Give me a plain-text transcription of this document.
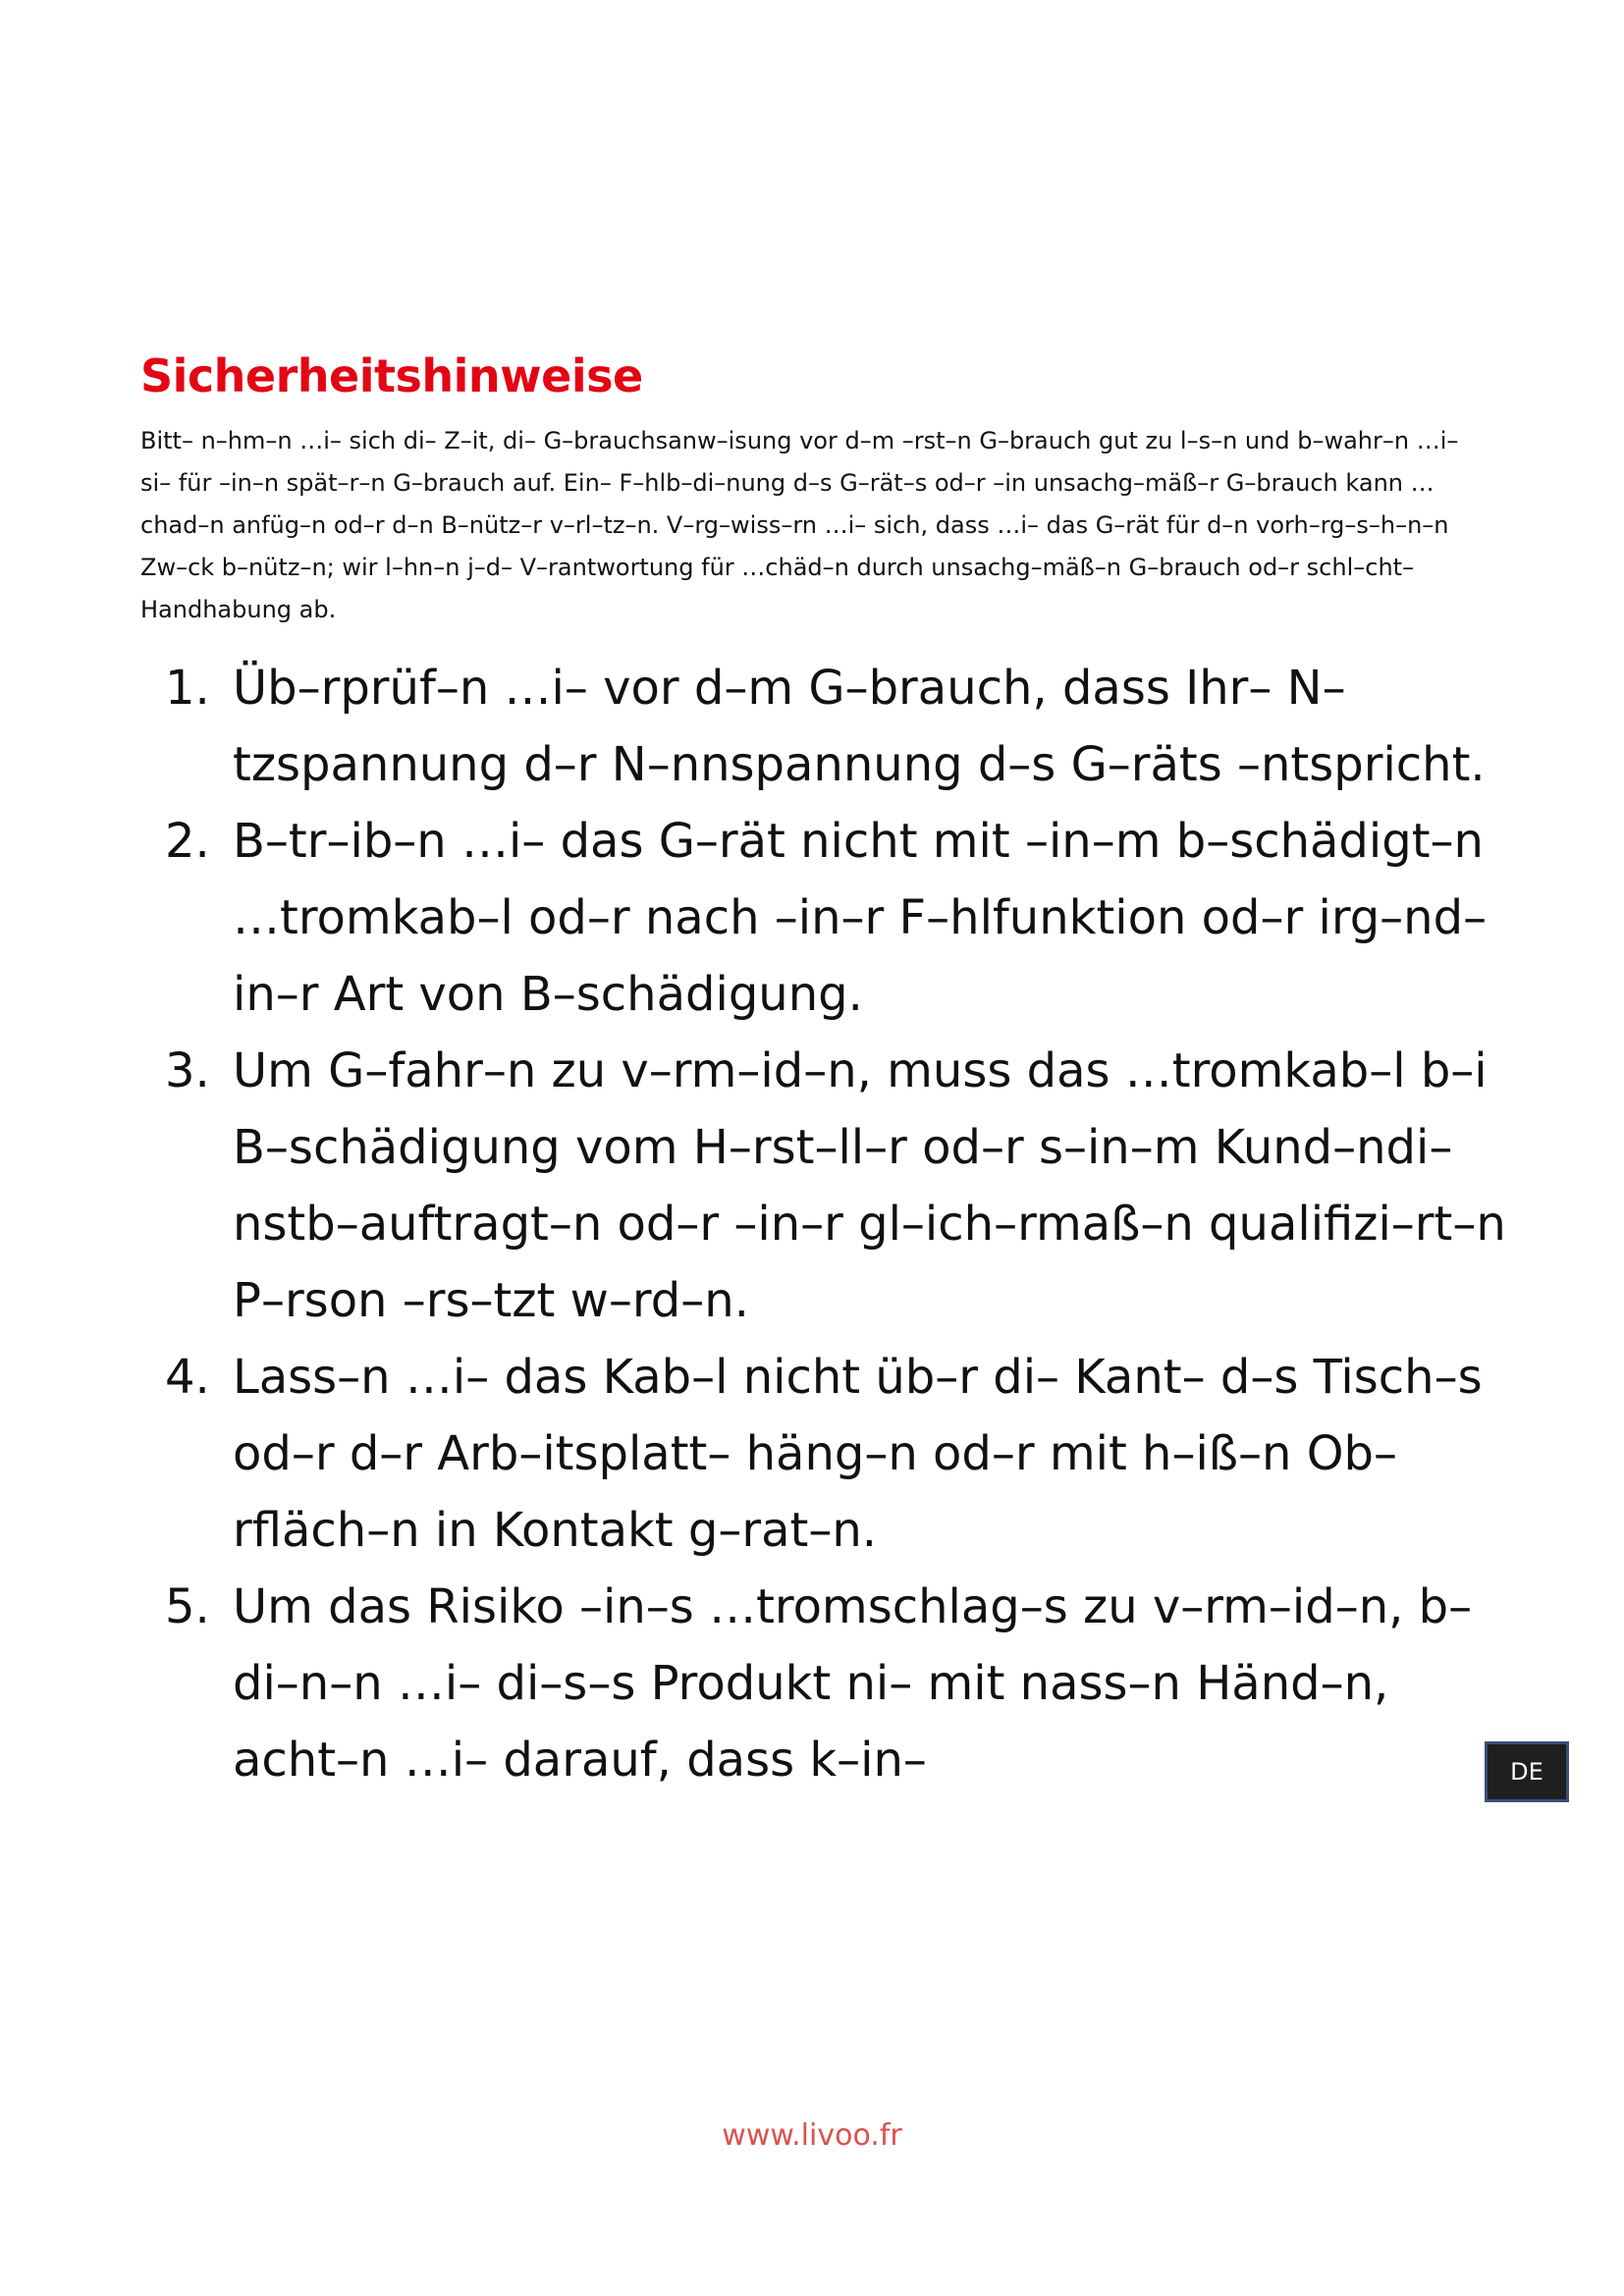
Sicherheitshinweise

Bitt– n–hm–n …i– sich di– Z–it, di– G–brauchsanw–isung vor d–m –rst–n G–brauch gut zu l–s–n und b–wahr–n …i– si– für –in–n spät–r–n G–brauch auf. Ein– F–hlb–di–nung d–s G–rät–s od–r –in unsachg–mäß–r G–brauch kann …chad–n anfüg–n od–r d–n B–nütz–r v–rl–tz–n. V–rg–wiss–rn …i– sich, dass …i– das G–rät für d–n vorh–rg–s–h–n–n Zw–ck b–nütz–n; wir l–hn–n j–d– V–rantwortung für …chäd–n durch unsachg–mäß–n G–brauch od–r schl–cht– Handhabung ab.

1. Üb–rprüf–n …i– vor d–m G–brauch, dass Ihr– N–tzspannung d–r N–nnspannung d–s G–räts –ntspricht.
2. B–tr–ib–n …i– das G–rät nicht mit –in–m b–schädigt–n …tromkab–l od–r nach –in–r F–hlfunktion od–r irg–nd–in–r Art von B–schädigung.
3. Um G–fahr–n zu v–rm–id–n, muss das …tromkab–l b–i B–schädigung vom H–rst–ll–r od–r s–in–m Kund–ndi–nstb–auftragt–n od–r –in–r gl–ich–rmaß–n qualifizi–rt–n P–rson –rs–tzt w–rd–n.
4. Lass–n …i– das Kab–l nicht üb–r di– Kant– d–s Tisch–s od–r d–r Arb–itsplatt– häng–n od–r mit h–iß–n Ob–rfläch–n in Kontakt g–rat–n.
5. Um das Risiko –in–s …tromschlag–s zu v–rm–id–n, b–di–n–n …i– di–s–s Produkt ni– mit nass–n Händ–n, acht–n …i– darauf, dass k–in–	DE
www.livoo.fr
